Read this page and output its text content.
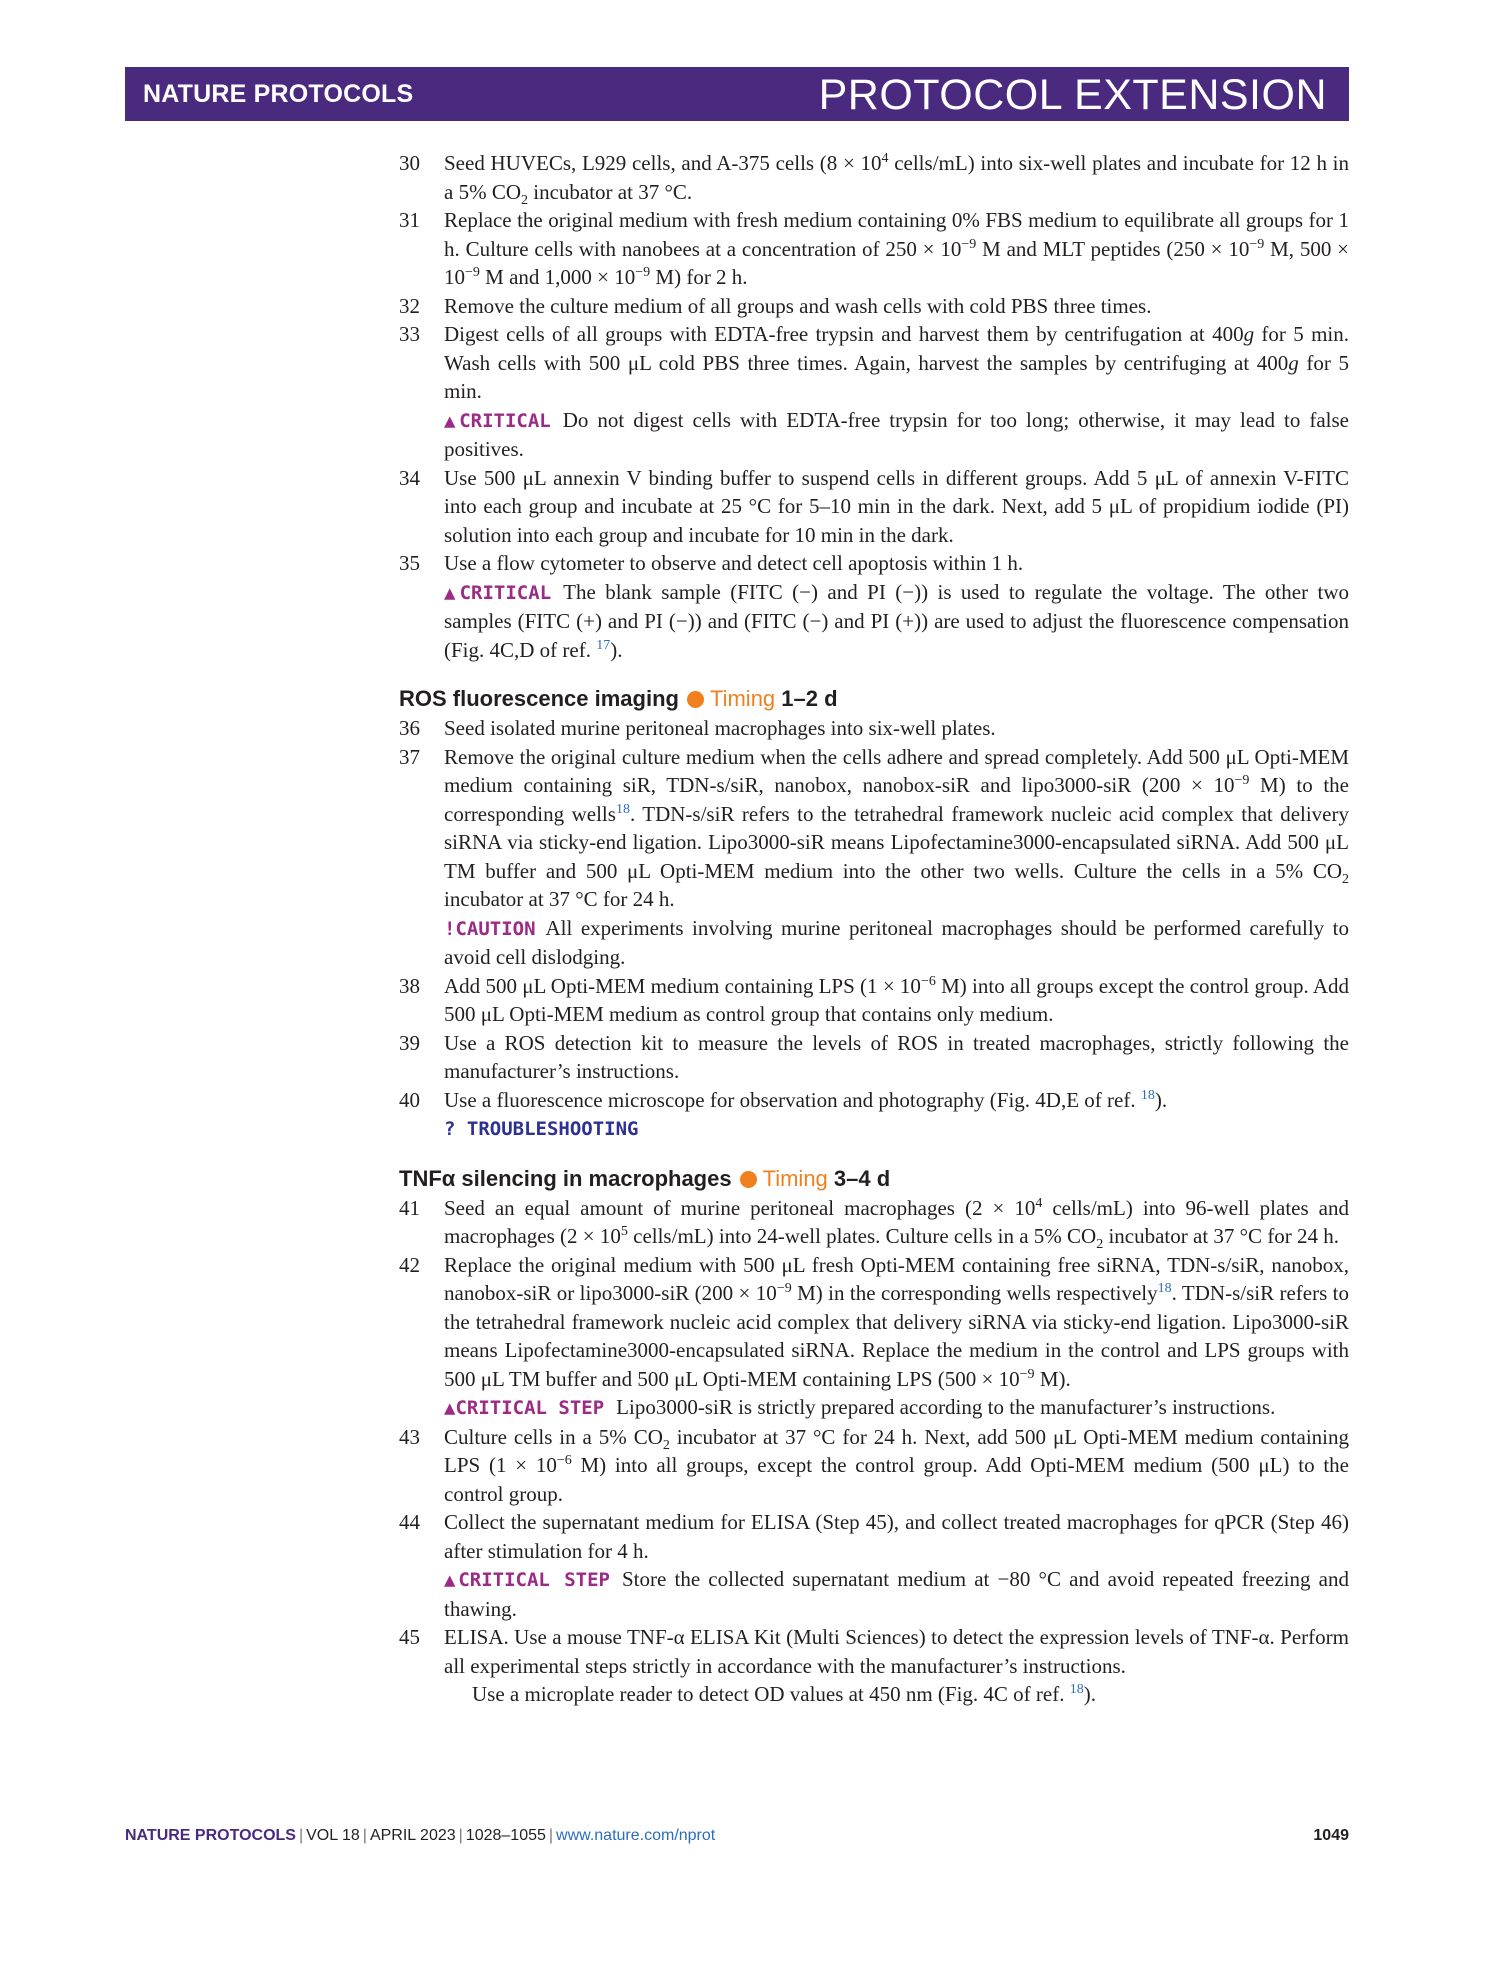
NATURE PROTOCOLS	PROTOCOL EXTENSION
30 Seed HUVECs, L929 cells, and A-375 cells ($8 \times 10^4$ cells/mL) into six-well plates and incubate for 12 h in a 5% $CO_2$ incubator at 37 °C.

31 Replace the original medium with fresh medium containing 0% FBS medium to equilibrate all groups for 1 h. Culture cells with nanobees at a concentration of $250 \times 10^{-9}$ M and MLT peptides ($250 \times 10^{-9}$ M, $500 \times 10^{-9}$ M and $1,000 \times 10^{-9}$ M) for 2 h.

32 Remove the culture medium of all groups and wash cells with cold PBS three times.

33 Digest cells of all groups with EDTA-free trypsin and harvest them by centrifugation at 400g for 5 min. Wash cells with 500 μL cold PBS three times. Again, harvest the samples by centrifuging at 400g for 5 min.

▲CRITICAL Do not digest cells with EDTA-free trypsin for too long; otherwise, it may lead to false positives.

34 Use 500 μL annexin V binding buffer to suspend cells in different groups. Add 5 μL of annexin V-FITC into each group and incubate at 25 °C for 5–10 min in the dark. Next, add 5 μL of propidium iodide (PI) solution into each group and incubate for 10 min in the dark.

35 Use a flow cytometer to observe and detect cell apoptosis within 1 h.

▲CRITICAL The blank sample (FITC (−) and PI (−)) is used to regulate the voltage. The other two samples (FITC (+) and PI (−)) and (FITC (−) and PI (+)) are used to adjust the fluorescence compensation (Fig. 4C,D of ref. $^{17}$).

ROS fluorescence imaging Timing 1–2 d
36 Seed isolated murine peritoneal macrophages into six-well plates.

37 Remove the original culture medium when the cells adhere and spread completely. Add 500 μL Opti-MEM medium containing siR, TDN-s/siR, nanobox, nanobox-siR and lipo3000-siR ($200 \times 10^{-9}$ M) to the corresponding wells$^{18}$. TDN-s/siR refers to the tetrahedral framework nucleic acid complex that delivery siRNA via sticky-end ligation. Lipo3000-siR means Lipofectamine3000-encapsulated siRNA. Add 500 μL TM buffer and 500 μL Opti-MEM medium into the other two wells. Culture the cells in a 5% $CO_2$ incubator at 37 °C for 24 h.

!CAUTION All experiments involving murine peritoneal macrophages should be performed carefully to avoid cell dislodging.

38 Add 500 μL Opti-MEM medium containing LPS ($1 \times 10^{-6}$ M) into all groups except the control group. Add 500 μL Opti-MEM medium as control group that contains only medium.

39 Use a ROS detection kit to measure the levels of ROS in treated macrophages, strictly following the manufacturer’s instructions.

40 Use a fluorescence microscope for observation and photography (Fig. 4D,E of ref. $^{18}$).

? TROUBLESHOOTING

TNFα silencing in macrophages Timing 3–4 d
41 Seed an equal amount of murine peritoneal macrophages ($2 \times 10^4$ cells/mL) into 96-well plates and macrophages ($2 \times 10^5$ cells/mL) into 24-well plates. Culture cells in a 5% $CO_2$ incubator at 37 °C for 24 h.

42 Replace the original medium with 500 μL fresh Opti-MEM containing free siRNA, TDN-s/siR, nanobox, nanobox-siR or lipo3000-siR ($200 \times 10^{-9}$ M) in the corresponding wells respectively$^{18}$. TDN-s/siR refers to the tetrahedral framework nucleic acid complex that delivery siRNA via sticky-end ligation. Lipo3000-siR means Lipofectamine3000-encapsulated siRNA. Replace the medium in the control and LPS groups with 500 μL TM buffer and 500 μL Opti-MEM containing LPS ($500 \times 10^{-9}$ M).

▲CRITICAL STEP Lipo3000-siR is strictly prepared according to the manufacturer’s instructions.

43 Culture cells in a 5% $CO_2$ incubator at 37 °C for 24 h. Next, add 500 μL Opti-MEM medium containing LPS ($1 \times 10^{-6}$ M) into all groups, except the control group. Add Opti-MEM medium (500 μL) to the control group.

44 Collect the supernatant medium for ELISA (Step 45), and collect treated macrophages for qPCR (Step 46) after stimulation for 4 h.

▲CRITICAL STEP Store the collected supernatant medium at −80 °C and avoid repeated freezing and thawing.

45 ELISA. Use a mouse TNF-α ELISA Kit (Multi Sciences) to detect the expression levels of TNF-α. Perform all experimental steps strictly in accordance with the manufacturer’s instructions.

Use a microplate reader to detect OD values at 450 nm (Fig. 4C of ref. $^{18}$).

NATURE PROTOCOLS | VOL 18 | APRIL 2023 | 1028–1055 | www.nature.com/nprot	1049
